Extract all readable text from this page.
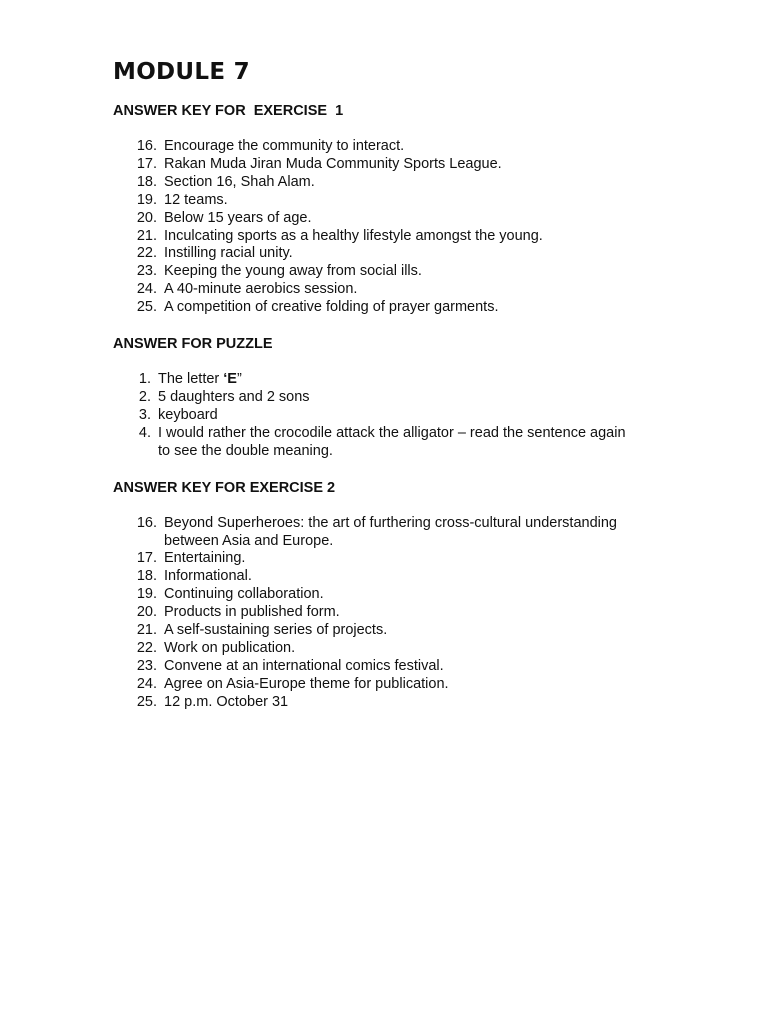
MODULE 7
ANSWER KEY FOR  EXERCISE  1
16. Encourage the community to interact.
17. Rakan Muda Jiran Muda Community Sports League.
18. Section 16, Shah Alam.
19. 12 teams.
20. Below 15 years of age.
21. Inculcating sports as a healthy lifestyle amongst the young.
22. Instilling racial unity.
23. Keeping the young away from social ills.
24. A 40-minute aerobics session.
25. A competition of creative folding of prayer garments.
ANSWER FOR PUZZLE
1. The letter ‘E”
2. 5 daughters and 2 sons
3. keyboard
4. I would rather the crocodile attack the alligator – read the sentence again
to see the double meaning.
ANSWER KEY FOR EXERCISE 2
16. Beyond Superheroes: the art of furthering cross-cultural understanding
between Asia and Europe.
17. Entertaining.
18. Informational.
19. Continuing collaboration.
20. Products in published form.
21. A self-sustaining series of projects.
22. Work on publication.
23. Convene at an international comics festival.
24. Agree on Asia-Europe theme for publication.
25. 12 p.m. October 31
